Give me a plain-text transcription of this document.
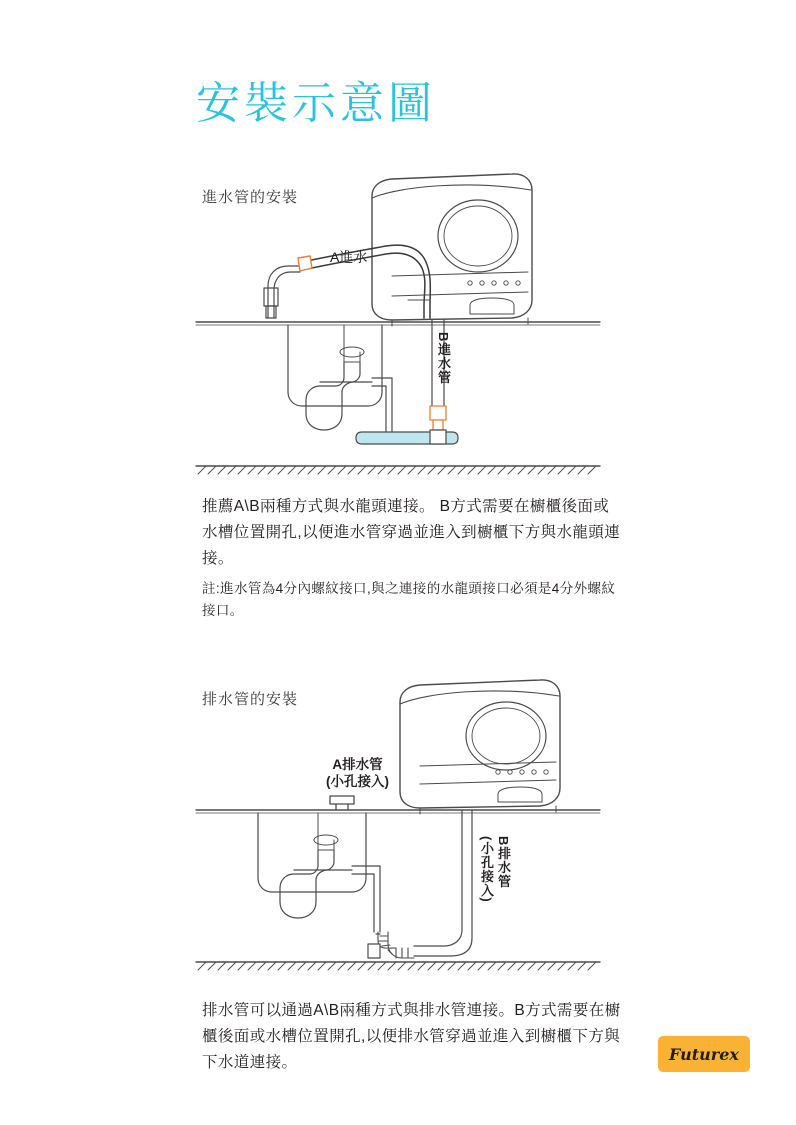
安裝示意圖
進水管的安裝
排水管的安裝
A進水
B進水管
A排水管
(小孔接入)
B排水管
(小孔接入)
推薦A\B兩種方式與水龍頭連接。 B方式需要在櫥櫃後面或水槽位置開孔,以便進水管穿過並進入到櫥櫃下方與水龍頭連接。
註:進水管為4分內螺紋接口,與之連接的水龍頭接口必須是4分外螺紋接口。
排水管可以通過A\B兩種方式與排水管連接。B方式需要在櫥櫃後面或水槽位置開孔,以便排水管穿過並進入到櫥櫃下方與下水道連接。	Futurex
